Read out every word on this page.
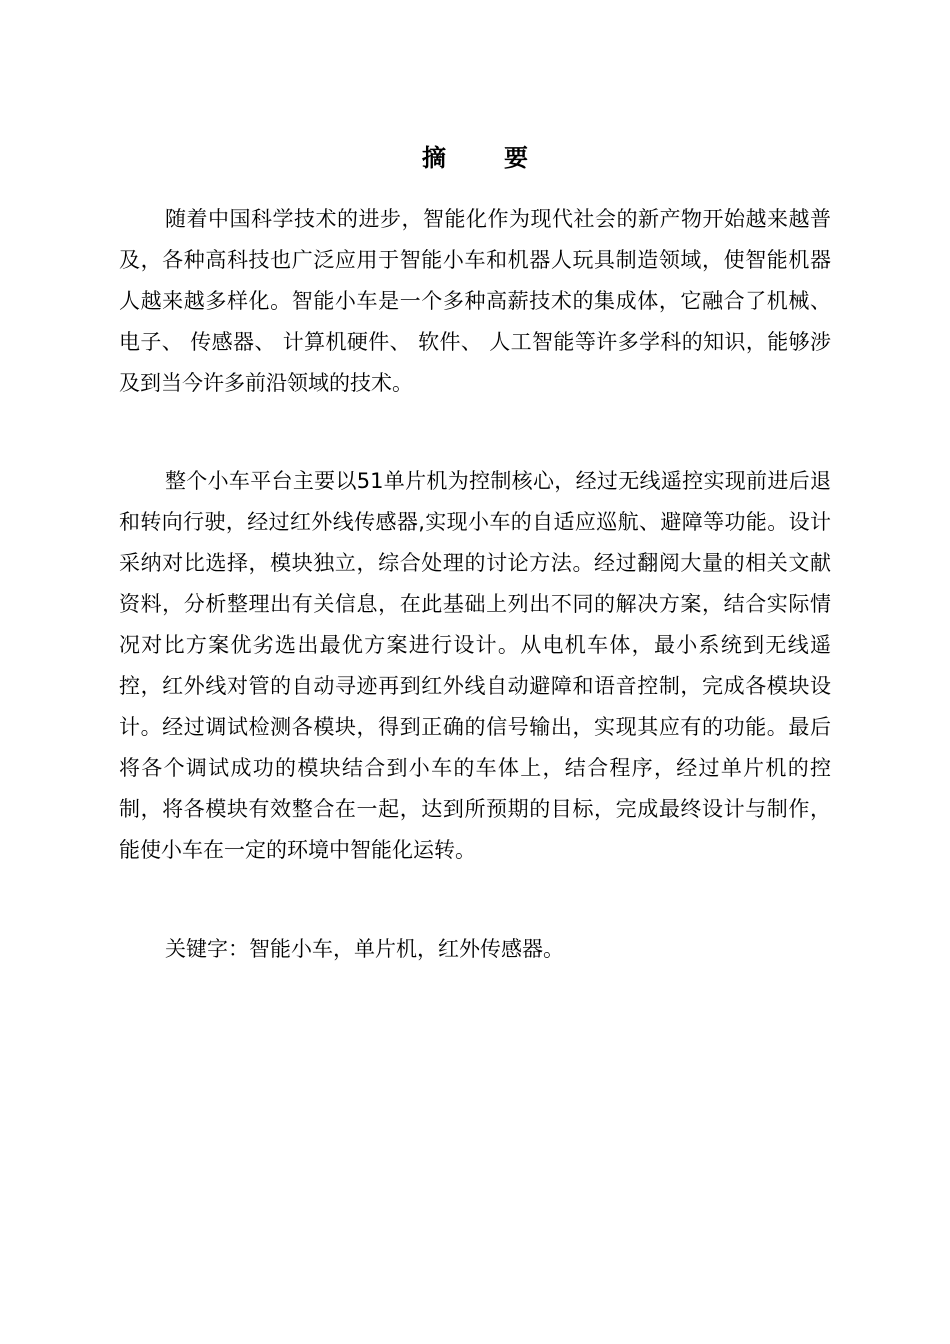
摘 要

随着中国科学技术的进步，智能化作为现代社会的新产物开始越来越普及，各种高科技也广泛应用于智能小车和机器人玩具制造领域，使智能机器人越来越多样化。智能小车是一个多种高薪技术的集成体，它融合了机械、 电子、 传感器、 计算机硬件、 软件、 人工智能等许多学科的知识，能够涉及到当今许多前沿领域的技术。

整个小车平台主要以51单片机为控制核心，经过无线遥控实现前进后退和转向行驶，经过红外线传感器,实现小车的自适应巡航、避障等功能。设计采纳对比选择，模块独立，综合处理的讨论方法。经过翻阅大量的相关文献资料，分析整理出有关信息，在此基础上列出不同的解决方案，结合实际情况对比方案优劣选出最优方案进行设计。从电机车体，最小系统到无线遥控，红外线对管的自动寻迹再到红外线自动避障和语音控制，完成各模块设计。经过调试检测各模块，得到正确的信号输出，实现其应有的功能。最后将各个调试成功的模块结合到小车的车体上，结合程序，经过单片机的控制，将各模块有效整合在一起，达到所预期的目标，完成最终设计与制作，能使小车在一定的环境中智能化运转。

关键字：智能小车，单片机，红外传感器。
